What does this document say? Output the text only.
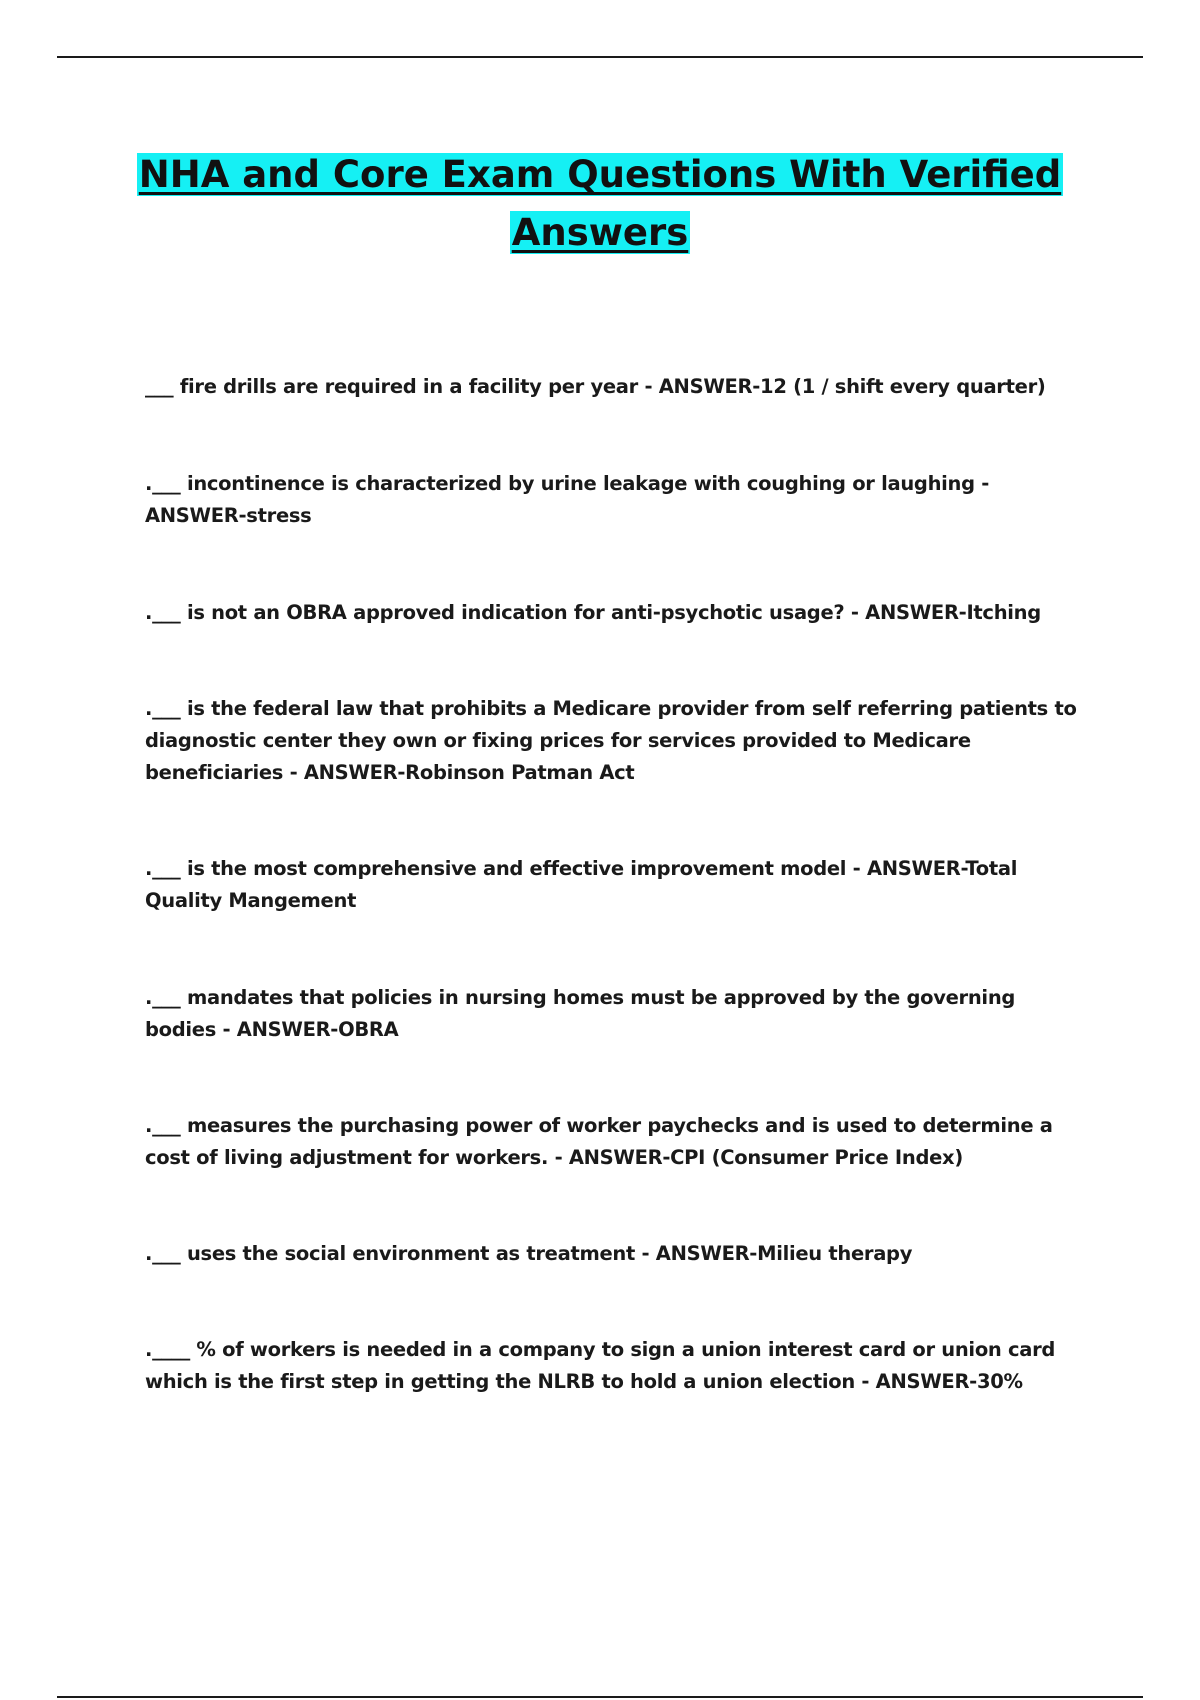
NHA and Core Exam Questions With Verified Answers

___ fire drills are required in a facility per year - ANSWER-12 (1 / shift every quarter)

.___ incontinence is characterized by urine leakage with coughing or laughing - ANSWER-stress

.___ is not an OBRA approved indication for anti-psychotic usage? - ANSWER-Itching

.___ is the federal law that prohibits a Medicare provider from self referring patients to diagnostic center they own or fixing prices for services provided to Medicare beneficiaries - ANSWER-Robinson Patman Act

.___ is the most comprehensive and effective improvement model - ANSWER-Total Quality Mangement

.___ mandates that policies in nursing homes must be approved by the governing bodies - ANSWER-OBRA

.___ measures the purchasing power of worker paychecks and is used to determine a cost of living adjustment for workers. - ANSWER-CPI (Consumer Price Index)

.___ uses the social environment as treatment - ANSWER-Milieu therapy

.____ % of workers is needed in a company to sign a union interest card or union card which is the first step in getting the NLRB to hold a union election - ANSWER-30%
